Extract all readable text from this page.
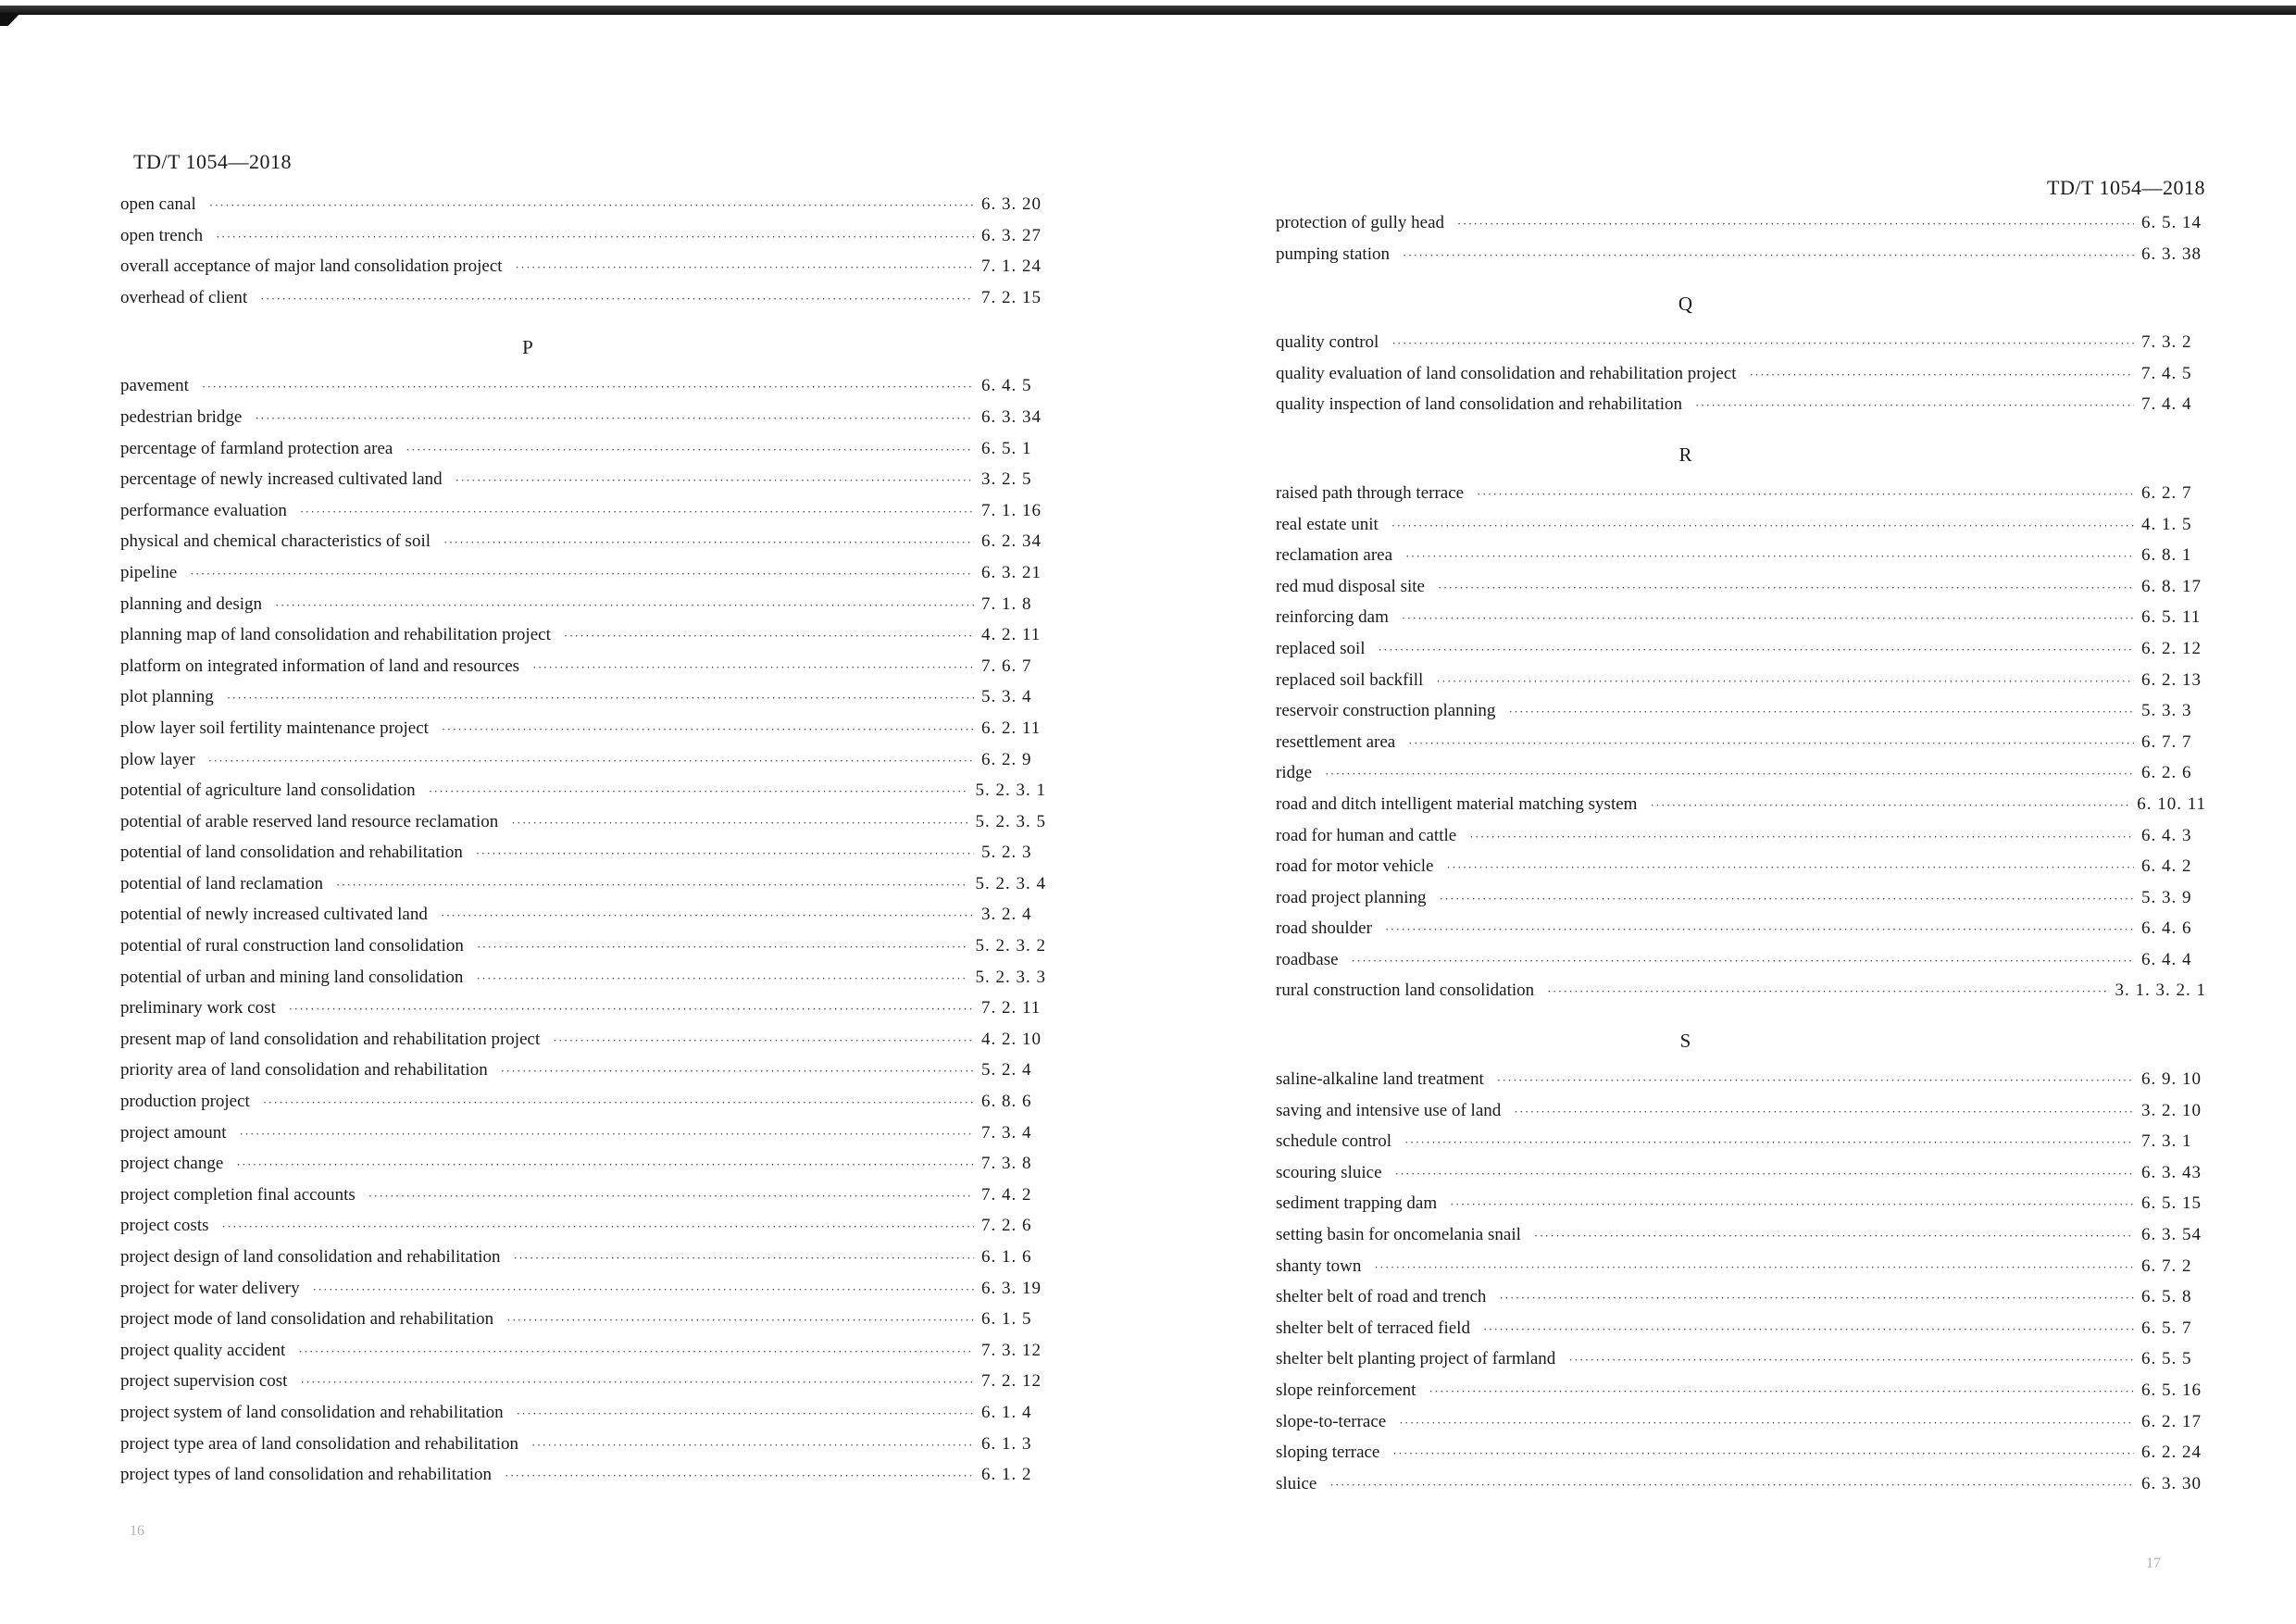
TD/T 1054—2018
TD/T 1054—2018
open canal ·····	6. 3. 20
open trench ·····	6. 3. 27
overall acceptance of major land consolidation project ·····	7. 1. 24
overhead of client ·····	7. 2. 15
P
pavement ·····	6. 4. 5
pedestrian bridge ·····	6. 3. 34
percentage of farmland protection area ·····	6. 5. 1
percentage of newly increased cultivated land ·····	3. 2. 5
performance evaluation ·····	7. 1. 16
physical and chemical characteristics of soil ·····	6. 2. 34
pipeline ·····	6. 3. 21
planning and design ·····	7. 1. 8
planning map of land consolidation and rehabilitation project ·····	4. 2. 11
platform on integrated information of land and resources ·····	7. 6. 7
plot planning ·····	5. 3. 4
plow layer soil fertility maintenance project ·····	6. 2. 11
plow layer ·····	6. 2. 9
potential of agriculture land consolidation ·····	5. 2. 3. 1
potential of arable reserved land resource reclamation ·····	5. 2. 3. 5
potential of land consolidation and rehabilitation ·····	5. 2. 3
potential of land reclamation ·····	5. 2. 3. 4
potential of newly increased cultivated land ·····	3. 2. 4
potential of rural construction land consolidation ·····	5. 2. 3. 2
potential of urban and mining land consolidation ·····	5. 2. 3. 3
preliminary work cost ·····	7. 2. 11
present map of land consolidation and rehabilitation project ·····	4. 2. 10
priority area of land consolidation and rehabilitation ·····	5. 2. 4
production project ·····	6. 8. 6
project amount ·····	7. 3. 4
project change ·····	7. 3. 8
project completion final accounts ·····	7. 4. 2
project costs ·····	7. 2. 6
project design of land consolidation and rehabilitation ·····	6. 1. 6
project for water delivery ·····	6. 3. 19
project mode of land consolidation and rehabilitation ·····	6. 1. 5
project quality accident ·····	7. 3. 12
project supervision cost ·····	7. 2. 12
project system of land consolidation and rehabilitation ·····	6. 1. 4
project type area of land consolidation and rehabilitation ·····	6. 1. 3
project types of land consolidation and rehabilitation ·····	6. 1. 2
protection of gully head ·····	6. 5. 14
pumping station ·····	6. 3. 38
Q
quality control ·····	7. 3. 2
quality evaluation of land consolidation and rehabilitation project ·····	7. 4. 5
quality inspection of land consolidation and rehabilitation ·····	7. 4. 4
R
raised path through terrace ·····	6. 2. 7
real estate unit ·····	4. 1. 5
reclamation area ·····	6. 8. 1
red mud disposal site ·····	6. 8. 17
reinforcing dam ·····	6. 5. 11
replaced soil ·····	6. 2. 12
replaced soil backfill ·····	6. 2. 13
reservoir construction planning ·····	5. 3. 3
resettlement area ·····	6. 7. 7
ridge ·····	6. 2. 6
road and ditch intelligent material matching system ·····	6. 10. 11
road for human and cattle ·····	6. 4. 3
road for motor vehicle ·····	6. 4. 2
road project planning ·····	5. 3. 9
road shoulder ·····	6. 4. 6
roadbase ·····	6. 4. 4
rural construction land consolidation ·····	3. 1. 3. 2. 1
S
saline-alkaline land treatment ·····	6. 9. 10
saving and intensive use of land ·····	3. 2. 10
schedule control ·····	7. 3. 1
scouring sluice ·····	6. 3. 43
sediment trapping dam ·····	6. 5. 15
setting basin for oncomelania snail ·····	6. 3. 54
shanty town ·····	6. 7. 2
shelter belt of road and trench ·····	6. 5. 8
shelter belt of terraced field ·····	6. 5. 7
shelter belt planting project of farmland ·····	6. 5. 5
slope reinforcement ·····	6. 5. 16
slope-to-terrace ·····	6. 2. 17
sloping terrace ·····	6. 2. 24
sluice ·····	6. 3. 30
16
17
